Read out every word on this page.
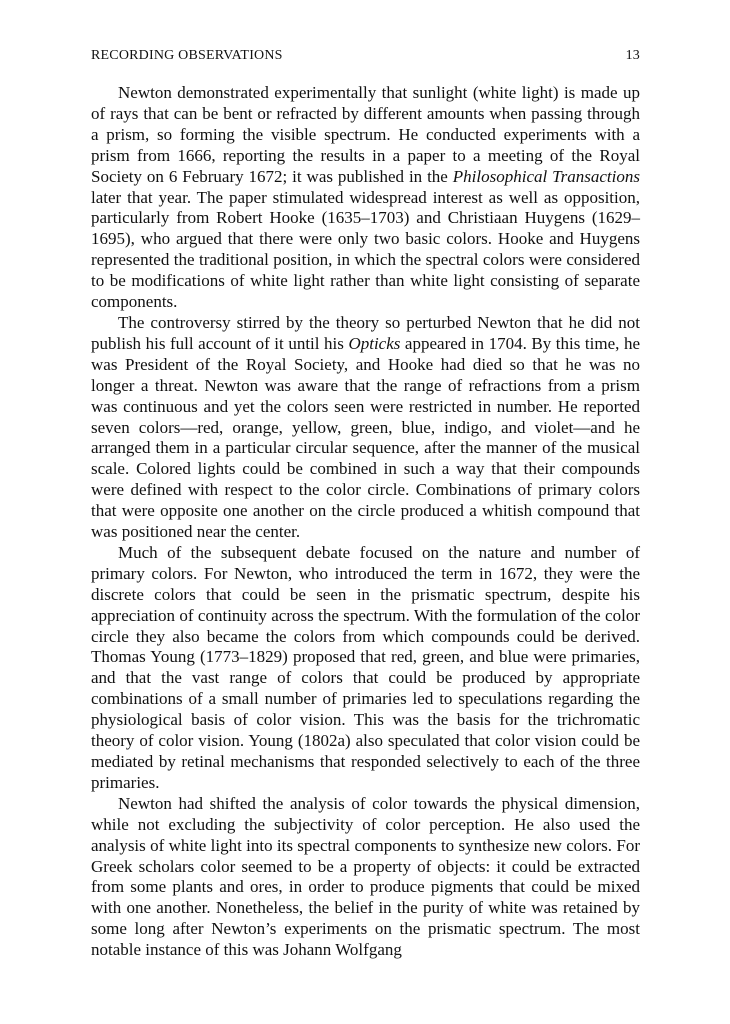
RECORDING OBSERVATIONS	13

Newton demonstrated experimentally that sunlight (white light) is made up of rays that can be bent or refracted by different amounts when passing through a prism, so forming the visible spectrum. He conducted experiments with a prism from 1666, reporting the results in a paper to a meeting of the Royal Society on 6 February 1672; it was published in the Philosophical Transactions later that year. The paper stimulated widespread interest as well as opposition, particularly from Robert Hooke (1635–1703) and Christiaan Huygens (1629–1695), who argued that there were only two basic colors. Hooke and Huygens represented the traditional position, in which the spectral colors were considered to be modifications of white light rather than white light consisting of separate components.

The controversy stirred by the theory so perturbed Newton that he did not publish his full account of it until his Opticks appeared in 1704. By this time, he was President of the Royal Society, and Hooke had died so that he was no longer a threat. Newton was aware that the range of refractions from a prism was continuous and yet the colors seen were restricted in number. He reported seven colors—red, orange, yellow, green, blue, indigo, and violet—and he arranged them in a particular circular sequence, after the manner of the musical scale. Colored lights could be combined in such a way that their compounds were defined with respect to the color circle. Combinations of primary colors that were opposite one another on the circle produced a whitish compound that was positioned near the center.

Much of the subsequent debate focused on the nature and number of primary colors. For Newton, who introduced the term in 1672, they were the discrete colors that could be seen in the prismatic spectrum, despite his appreciation of continuity across the spectrum. With the formulation of the color circle they also became the colors from which compounds could be derived. Thomas Young (1773–1829) proposed that red, green, and blue were primaries, and that the vast range of colors that could be produced by appropriate combinations of a small number of primaries led to speculations regarding the physiological basis of color vision. This was the basis for the trichromatic theory of color vision. Young (1802a) also speculated that color vision could be mediated by retinal mechanisms that responded selectively to each of the three primaries.

Newton had shifted the analysis of color towards the physical dimension, while not excluding the subjectivity of color perception. He also used the analysis of white light into its spectral components to synthesize new colors. For Greek scholars color seemed to be a property of objects: it could be extracted from some plants and ores, in order to produce pigments that could be mixed with one another. Nonetheless, the belief in the purity of white was retained by some long after Newton’s experiments on the prismatic spectrum. The most notable instance of this was Johann Wolfgang
